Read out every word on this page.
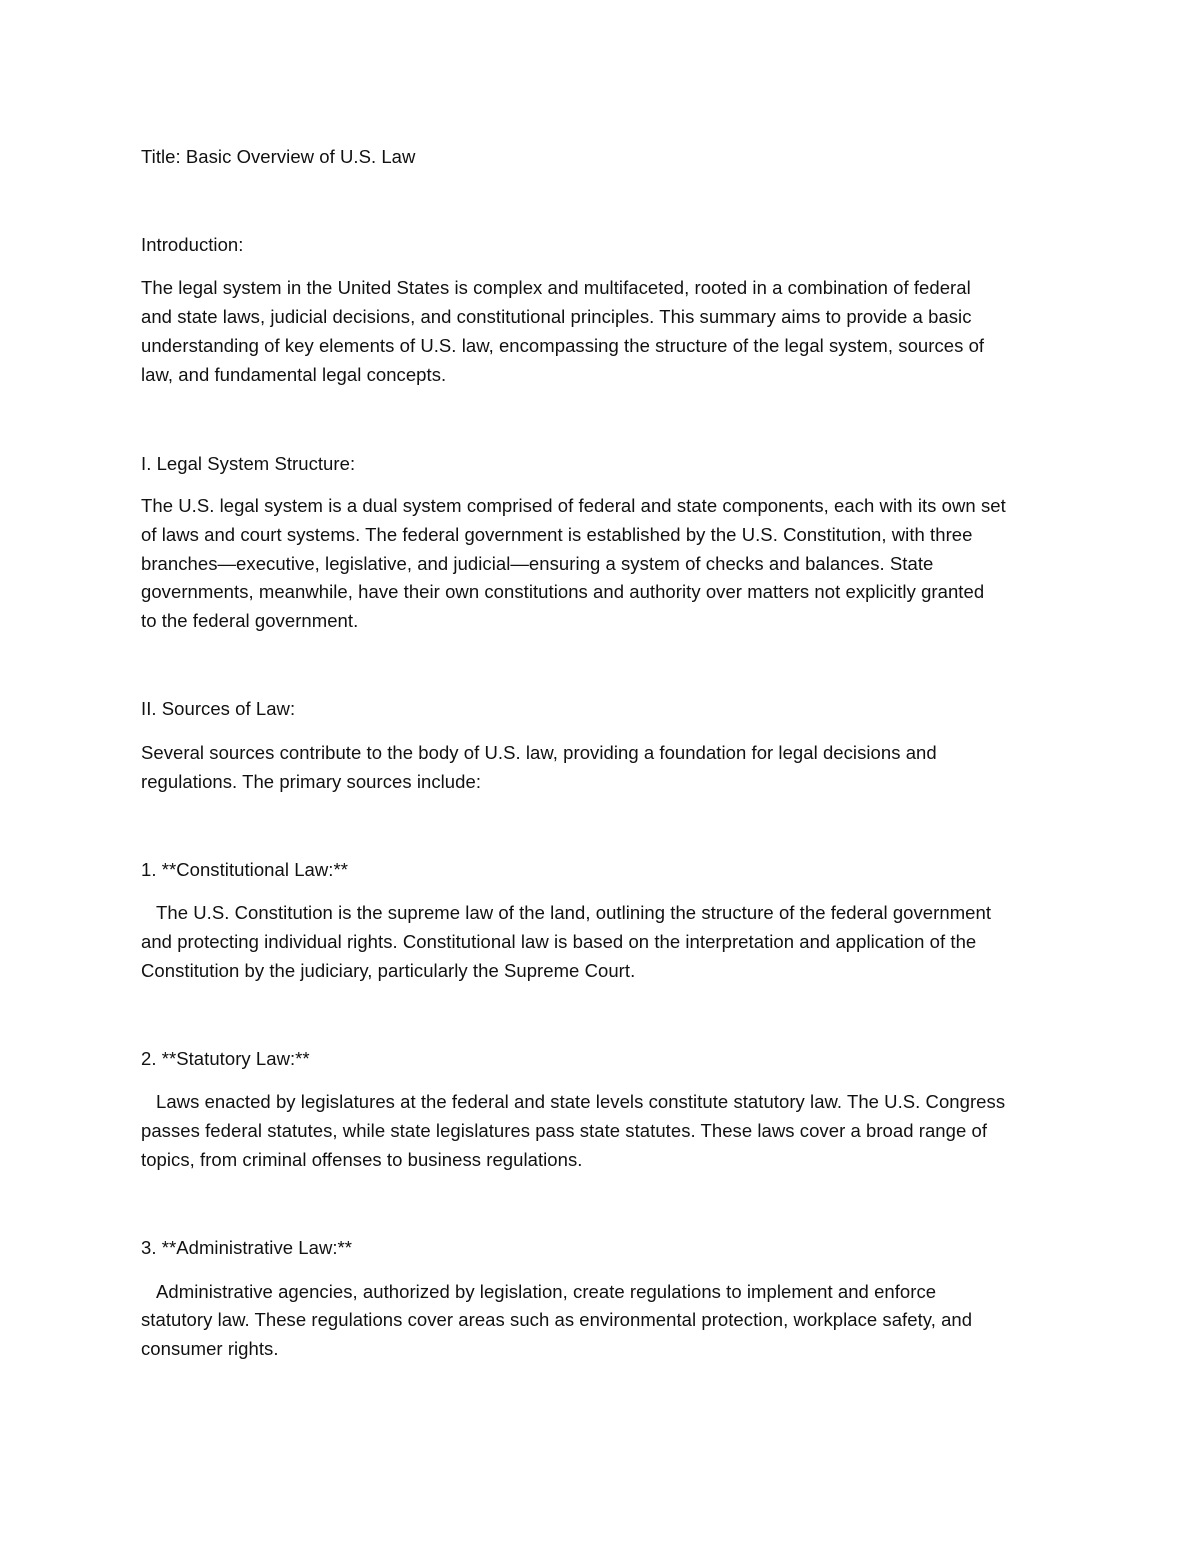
Title: Basic Overview of U.S. Law

Introduction:

The legal system in the United States is complex and multifaceted, rooted in a combination of federal

and state laws, judicial decisions, and constitutional principles. This summary aims to provide a basic

understanding of key elements of U.S. law, encompassing the structure of the legal system, sources of

law, and fundamental legal concepts.

I. Legal System Structure:

The U.S. legal system is a dual system comprised of federal and state components, each with its own set

of laws and court systems. The federal government is established by the U.S. Constitution, with three

branches—executive, legislative, and judicial—ensuring a system of checks and balances. State

governments, meanwhile, have their own constitutions and authority over matters not explicitly granted

to the federal government.

II. Sources of Law:

Several sources contribute to the body of U.S. law, providing a foundation for legal decisions and

regulations. The primary sources include:

1. **Constitutional Law:**

The U.S. Constitution is the supreme law of the land, outlining the structure of the federal government

and protecting individual rights. Constitutional law is based on the interpretation and application of the

Constitution by the judiciary, particularly the Supreme Court.

2. **Statutory Law:**

Laws enacted by legislatures at the federal and state levels constitute statutory law. The U.S. Congress

passes federal statutes, while state legislatures pass state statutes. These laws cover a broad range of

topics, from criminal offenses to business regulations.

3. **Administrative Law:**

Administrative agencies, authorized by legislation, create regulations to implement and enforce

statutory law. These regulations cover areas such as environmental protection, workplace safety, and

consumer rights.
